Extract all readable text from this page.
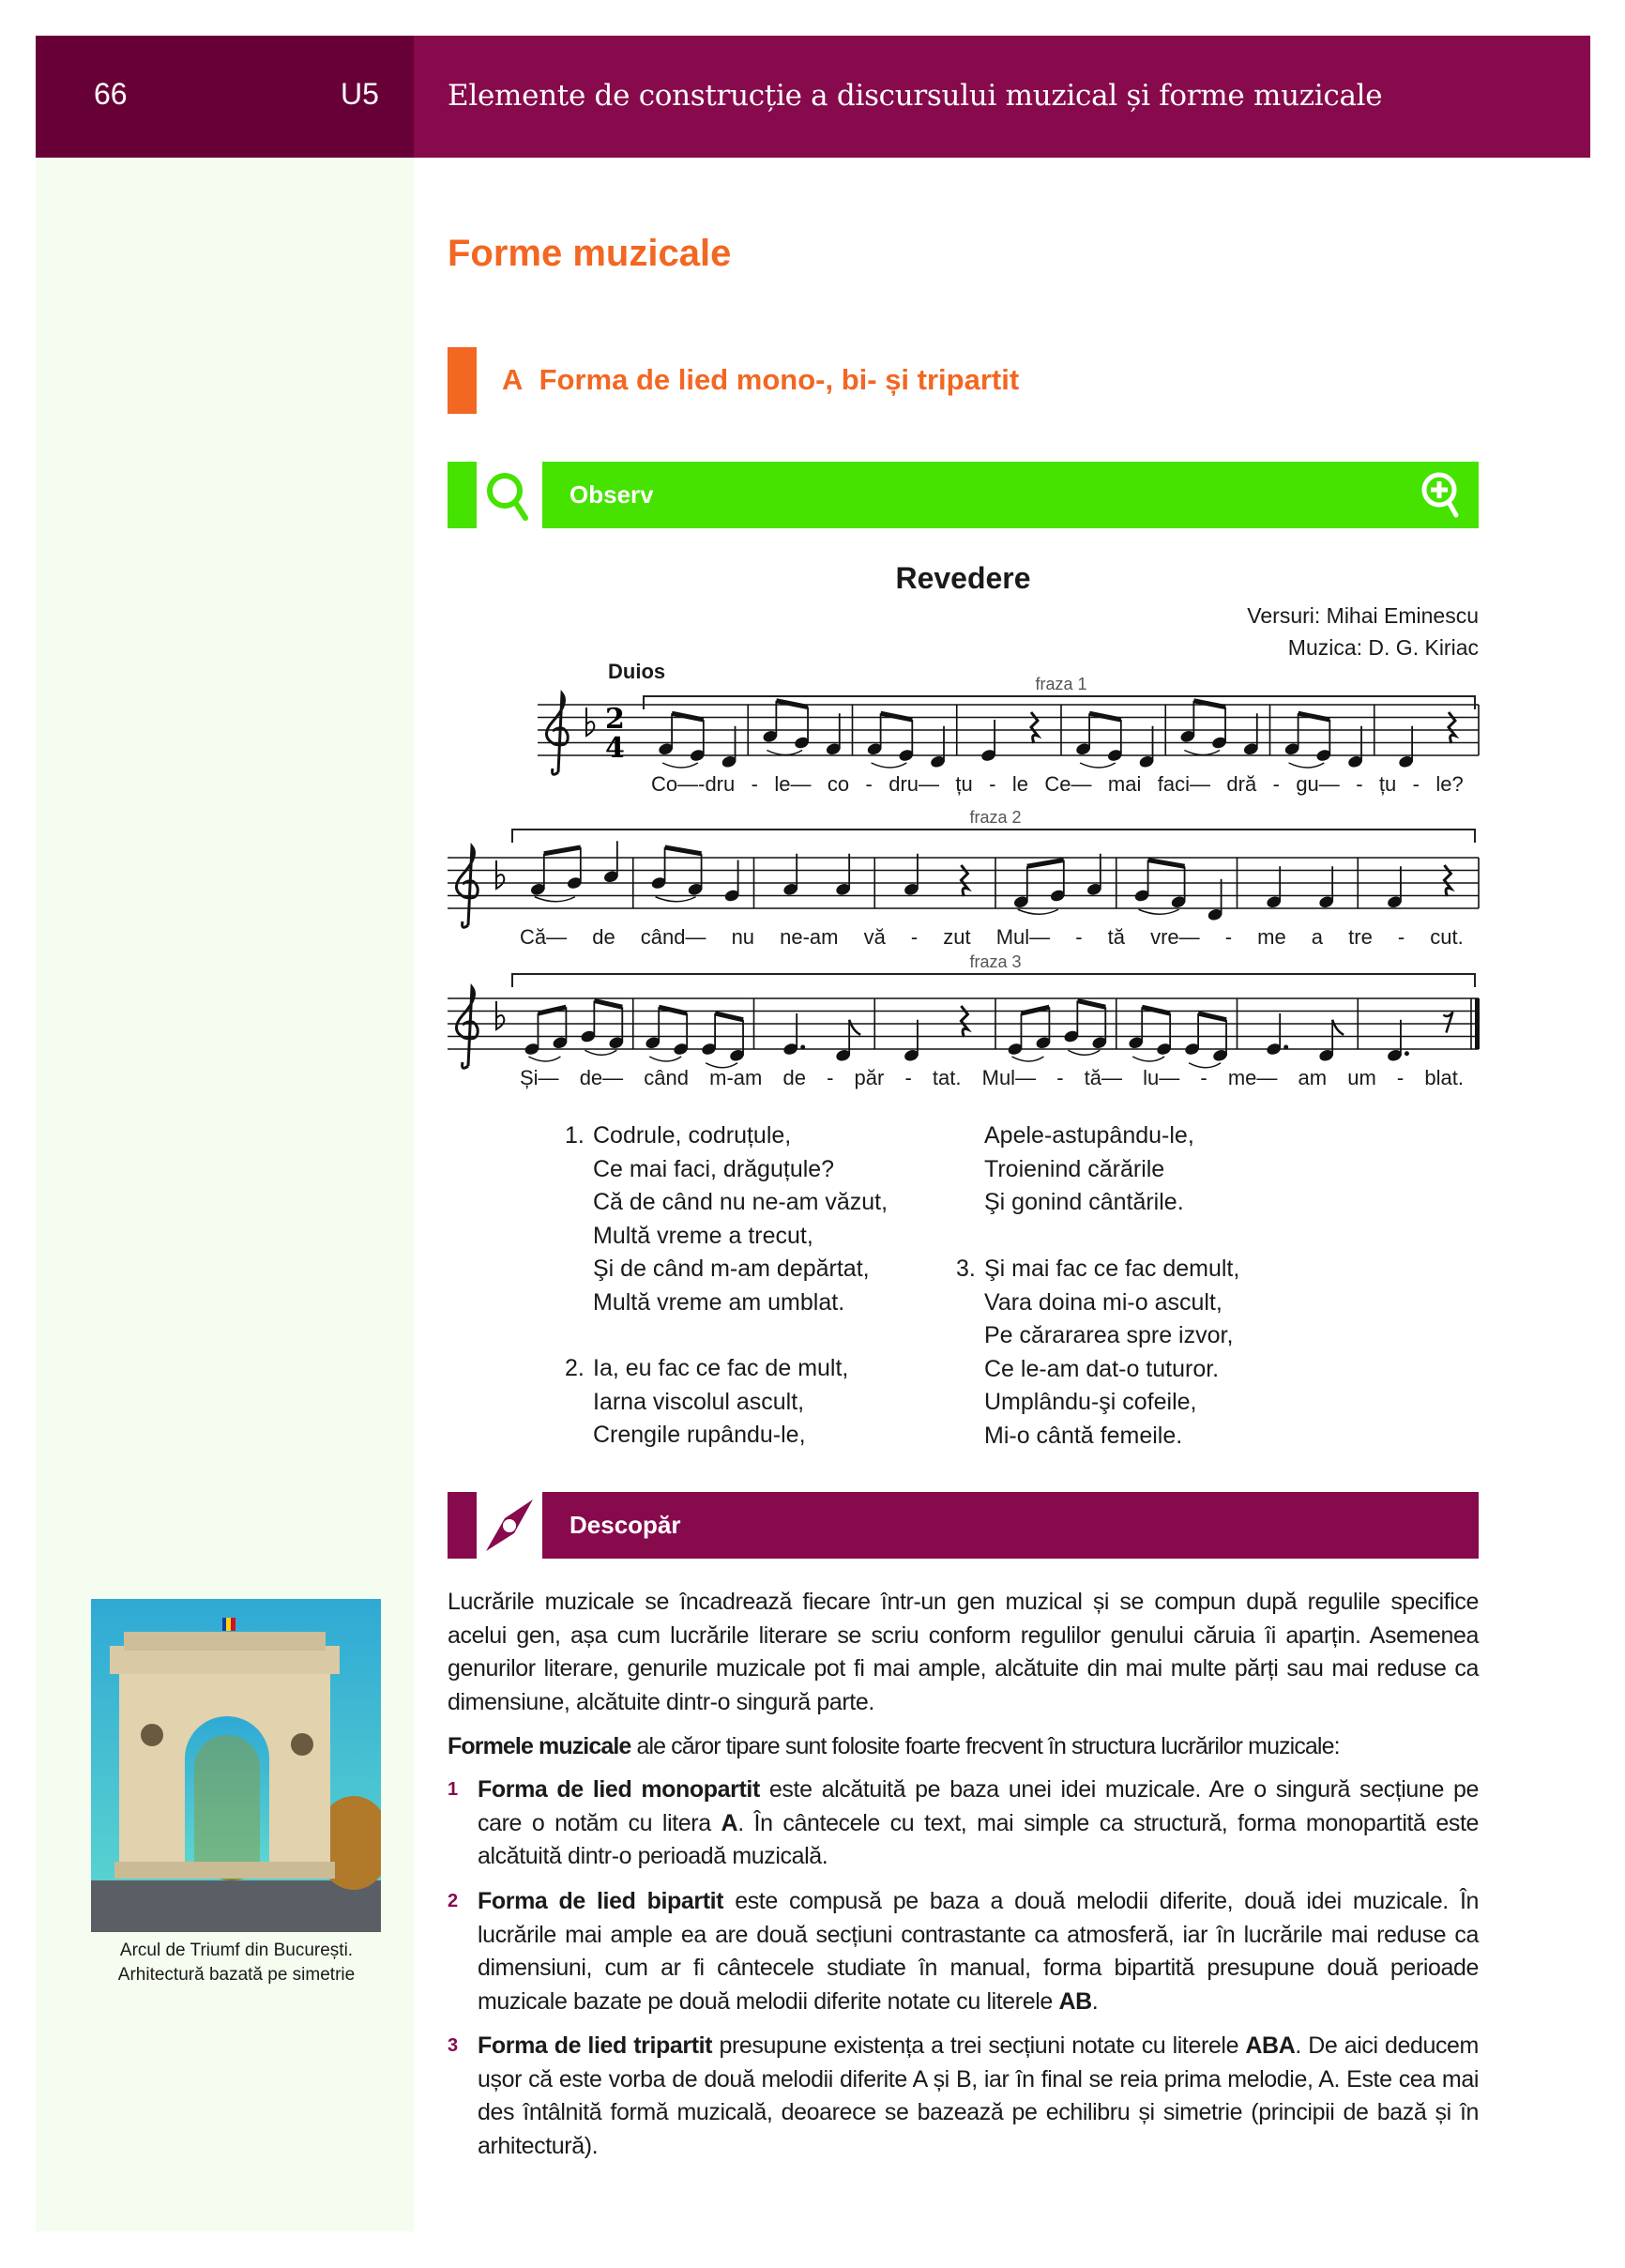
66	U5 Elemente de construcție a discursului muzical și forme muzicale
Forme muzicale
A Forma de lied mono-, bi- și tripartit
Observ
Revedere
Versuri: Mihai Eminescu
Muzica: D. G. Kiriac
Duios
2
4
fraza 1
fraza 2
fraza 3
Co—-dru - le— co - dru— țu - le Ce— mai faci— dră - gu— - țu - le?
Că— de când— nu ne-am vă - zut Mul— - tă vre— - me a tre - cut.
Și— de— când m-am de - păr - tat. Mul— - tă— lu— - me— am um - blat.
1. Codrule, codruțule,
Ce mai faci, drăguțule?
Că de când nu ne-am văzut,
Multă vreme a trecut,
Şi de când m-am depărtat,
Multă vreme am umblat.
2. Ia, eu fac ce fac de mult,
Iarna viscolul ascult,
Crengile rupându-le,
Apele-astupându-le,
Troienind cărările
Şi gonind cântările.
3. Şi mai fac ce fac demult,
Vara doina mi-o ascult,
Pe cărararea spre izvor,
Ce le-am dat-o tuturor.
Umplându-şi cofeile,
Mi-o cântă femeile.
Descopăr
Lucrările muzicale se încadrează fiecare într-un gen muzical și se compun după regulile specifice acelui gen, așa cum lucrările literare se scriu conform regulilor genului căruia îi aparțin. Asemenea genurilor literare, genurile muzicale pot fi mai ample, alcătuite din mai multe părți sau mai reduse ca dimensiune, alcătuite dintr-o singură parte.
Formele muzicale ale căror tipare sunt folosite foarte frecvent în structura lucrărilor muzicale:
1 Forma de lied monopartit este alcătuită pe baza unei idei muzicale. Are o singură secțiune pe care o notăm cu litera A. În cântecele cu text, mai simple ca structură, forma monopartită este alcătuită dintr-o perioadă muzicală.
2 Forma de lied bipartit este compusă pe baza a două melodii diferite, două idei muzicale. În lucrările mai ample ea are două secțiuni contrastante ca atmosferă, iar în lucrările mai reduse ca dimensiuni, cum ar fi cântecele studiate în manual, forma bipartită presupune două perioade muzicale bazate pe două melodii diferite notate cu literele AB.
3 Forma de lied tripartit presupune existența a trei secțiuni notate cu literele ABA. De aici deducem ușor că este vorba de două melodii diferite A și B, iar în final se reia prima melodie, A. Este cea mai des întâlnită formă muzicală, deoarece se bazează pe echilibru și simetrie (principii de bază și în arhitectură).
Arcul de Triumf din București.
Arhitectură bazată pe simetrie
